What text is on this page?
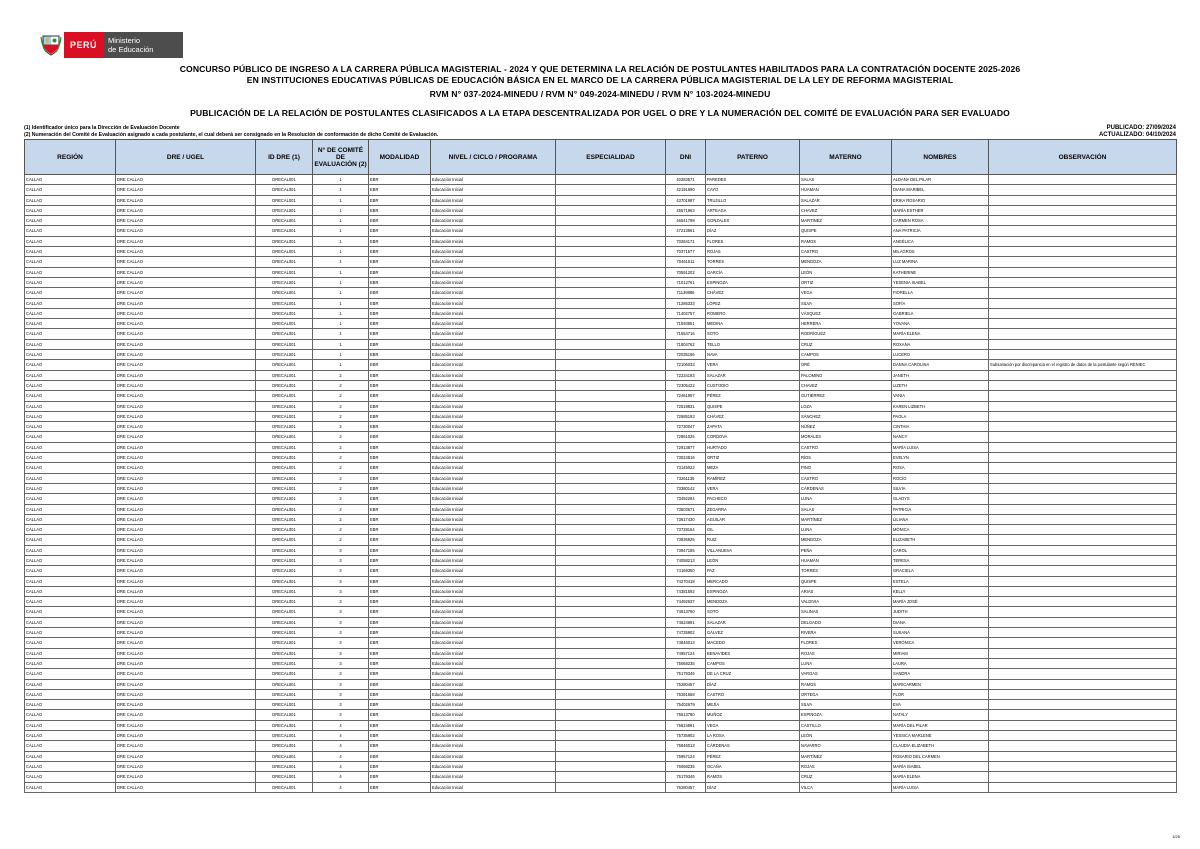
PERÚ	Ministerio
de Educación
CONCURSO PÚBLICO DE INGRESO A LA CARRERA PÚBLICA MAGISTERIAL - 2024 Y QUE DETERMINA LA RELACIÓN DE POSTULANTES HABILITADOS PARA LA CONTRATACIÓN DOCENTE 2025-2026
EN INSTITUCIONES EDUCATIVAS PÚBLICAS DE EDUCACIÓN BÁSICA EN EL MARCO DE LA CARRERA PÚBLICA MAGISTERIAL DE LA LEY DE REFORMA MAGISTERIAL
RVM N° 037-2024-MINEDU / RVM N° 049-2024-MINEDU / RVM N° 103-2024-MINEDU
PUBLICACIÓN DE LA RELACIÓN DE POSTULANTES CLASIFICADOS A LA ETAPA DESCENTRALIZADA POR UGEL O DRE Y LA NUMERACIÓN DEL COMITÉ DE EVALUACIÓN PARA SER EVALUADO
(1) Identificador único para la Dirección de Evaluación Docente
(2) Numeración del Comité de Evaluación asignado a cada postulante, el cual deberá ser consignado en la Resolución de conformación de dicho Comité de Evaluación.
PUBLICADO: 27/09/2024
ACTUALIZADO: 04/10/2024
REGIÓN	DRE / UGEL	ID DRE (1)	N° DE COMITÉ DE EVALUACIÓN (2)	MODALIDAD	NIVEL / CICLO / PROGRAMA	ESPECIALIDAD	DNI	PATERNO	MATERNO	NOMBRES	OBSERVACIÓN
CALLAO	DRE CALLAO	DRECAL001	1	EBR	Educación Inicial		40283571	PAREDES	SALAS	ALDANA DEL PILAR	
CALLAO	DRE CALLAO	DRECAL001	1	EBR	Educación Inicial		42191690	CAYO	HUAMAN	DIANA MARIBEL	
CALLAO	DRE CALLAO	DRECAL001	1	EBR	Educación Inicial		43701987	TRUJILLO	SALAZAR	ERIKA ROSARIO	
CALLAO	DRE CALLAO	DRECAL001	1	EBR	Educación Inicial		45571963	ARTEAGA	CHAVEZ	MARÍA ESTHER	
CALLAO	DRE CALLAO	DRECAL001	1	EBR	Educación Inicial		46541798	GONZALES	MARTINEZ	CARMEN ROSA	
CALLAO	DRE CALLAO	DRECAL001	1	EBR	Educación Inicial		47213861	DÍAZ	QUISPE	ANA PATRICIA	
CALLAO	DRE CALLAO	DRECAL001	1	EBR	Educación Inicial		70284171	FLORES	RAMOS	ANGÉLICA	
CALLAO	DRE CALLAO	DRECAL001	1	EBR	Educación Inicial		70371577	ROJAS	CASTRO	MILAGROS	
CALLAO	DRE CALLAO	DRECAL001	1	EBR	Educación Inicial		70461511	TORRES	MENDOZA	LUZ MARINA	
CALLAO	DRE CALLAO	DRECAL001	1	EBR	Educación Inicial		70591202	GARCÍA	LEÓN	KATHERINE	
CALLAO	DRE CALLAO	DRECAL001	1	EBR	Educación Inicial		71012761	ESPINOZA	ORTIZ	YESENIA ISABEL	
CALLAO	DRE CALLAO	DRECAL001	1	EBR	Educación Inicial		71138886	CHÁVEZ	VEGA	FIORELLA	
CALLAO	DRE CALLAO	DRECAL001	1	EBR	Educación Inicial		71286333	LÓPEZ	SILVA	SOFÍA	
CALLAO	DRE CALLAO	DRECAL001	1	EBR	Educación Inicial		71402757	ROMERO	VÁSQUEZ	GABRIELA	
CALLAO	DRE CALLAO	DRECAL001	1	EBR	Educación Inicial		71593851	MEDINA	HERRERA	YOVANA	
CALLAO	DRE CALLAO	DRECAL001	1	EBR	Educación Inicial		71654716	SOTO	RODRÍGUEZ	MARÍA ELENA	
CALLAO	DRE CALLAO	DRECAL001	1	EBR	Educación Inicial		71804762	TELLO	CRUZ	ROXANA	
CALLAO	DRE CALLAO	DRECAL001	1	EBR	Educación Inicial		72035196	NAVA	CAMPOS	LUCERO	
CALLAO	DRE CALLAO	DRECAL001	1	EBR	Educación Inicial		72106033	VERA	ORÉ	DANNA CAROLINA	Subsanación por discrepancia en el registro de datos de la postulante según RENIEC
CALLAO	DRE CALLAO	DRECAL001	2	EBR	Educación Inicial		72234193	SALAZAR	PALOMINO	JANETH	
CALLAO	DRE CALLAO	DRECAL001	2	EBR	Educación Inicial		72305422	CUSTODIO	CHAVEZ	LIZETH	
CALLAO	DRE CALLAO	DRECAL001	2	EBR	Educación Inicial		72461957	PÉREZ	GUTIÉRREZ	VANIA	
CALLAO	DRE CALLAO	DRECAL001	2	EBR	Educación Inicial		72519831	QUISPE	LOZA	KAREN LIZBETH	
CALLAO	DRE CALLAO	DRECAL001	2	EBR	Educación Inicial		72685193	CHÁVEZ	SÁNCHEZ	PAOLA	
CALLAO	DRE CALLAO	DRECAL001	2	EBR	Educación Inicial		72730047	ZAPATA	NÚÑEZ	CINTHIA	
CALLAO	DRE CALLAO	DRECAL001	2	EBR	Educación Inicial		72861025	CORDOVA	MORALES	NANCY	
CALLAO	DRE CALLAO	DRECAL001	2	EBR	Educación Inicial		72913877	HURTADO	CASTRO	MARÍA LUISA	
CALLAO	DRE CALLAO	DRECAL001	2	EBR	Educación Inicial		73024816	ORTIZ	RÍOS	EVELYN	
CALLAO	DRE CALLAO	DRECAL001	2	EBR	Educación Inicial		73145022	MEZA	PINO	ROSA	
CALLAO	DRE CALLAO	DRECAL001	2	EBR	Educación Inicial		73261135	RAMÍREZ	CASTRO	ROCÍO	
CALLAO	DRE CALLAO	DRECAL001	2	EBR	Educación Inicial		73380142	VERA	CÁRDENAS	SILVIA	
CALLAO	DRE CALLAO	DRECAL001	2	EBR	Educación Inicial		73492284	PACHECO	LUNA	GLADYS	
CALLAO	DRE CALLAO	DRECAL001	2	EBR	Educación Inicial		73503671	ZEGARRA	SALAS	PATRICIA	
CALLAO	DRE CALLAO	DRECAL001	2	EBR	Educación Inicial		73617430	AGUILAR	MARTÍNEZ	LILIANA	
CALLAO	DRE CALLAO	DRECAL001	2	EBR	Educación Inicial		73728164	GIL	LUNA	MÓNICA	
CALLAO	DRE CALLAO	DRECAL001	2	EBR	Educación Inicial		73836925	RUIZ	MENDOZA	ELIZABETH	
CALLAO	DRE CALLAO	DRECAL001	3	EBR	Educación Inicial		73947185	VILLANUEVA	PEÑA	CAROL	
CALLAO	DRE CALLAO	DRECAL001	3	EBR	Educación Inicial		74058213	LEÓN	HUAMÁN	TERESA	
CALLAO	DRE CALLAO	DRECAL001	3	EBR	Educación Inicial		74169350	PAZ	TORRES	GRACIELA	
CALLAO	DRE CALLAO	DRECAL001	3	EBR	Educación Inicial		74270418	MERCADO	QUISPE	ESTELA	
CALLAO	DRE CALLAO	DRECAL001	3	EBR	Educación Inicial		74381592	ESPINOZA	ARIAS	KELLY	
CALLAO	DRE CALLAO	DRECAL001	3	EBR	Educación Inicial		74492637	MENDOZA	VALDIVIA	MARÍA JOSÉ	
CALLAO	DRE CALLAO	DRECAL001	3	EBR	Educación Inicial		74513760	SOTO	SALINAS	JUDITH	
CALLAO	DRE CALLAO	DRECAL001	3	EBR	Educación Inicial		74624891	SALAZAR	DELGADO	DIANA	
CALLAO	DRE CALLAO	DRECAL001	3	EBR	Educación Inicial		74735902	GÁLVEZ	RIVERA	SUSANA	
CALLAO	DRE CALLAO	DRECAL001	3	EBR	Educación Inicial		74846013	MACEDO	FLORES	VERÓNICA	
CALLAO	DRE CALLAO	DRECAL001	3	EBR	Educación Inicial		74957124	BENAVIDES	ROJAS	MIRIAM	
CALLAO	DRE CALLAO	DRECAL001	3	EBR	Educación Inicial		75068235	CAMPOS	LUNA	LAURA	
CALLAO	DRE CALLAO	DRECAL001	3	EBR	Educación Inicial		75179346	DE LA CRUZ	VARGAS	SANDRA	
CALLAO	DRE CALLAO	DRECAL001	3	EBR	Educación Inicial		75280457	DÍAZ	RAMOS	MARICARMEN	
CALLAO	DRE CALLAO	DRECAL001	3	EBR	Educación Inicial		75391568	CASTRO	ORTEGA	FLOR	
CALLAO	DRE CALLAO	DRECAL001	3	EBR	Educación Inicial		75402679	MEJÍA	SILVA	EVA	
CALLAO	DRE CALLAO	DRECAL001	3	EBR	Educación Inicial		75513780	MUÑOZ	ESPINOZA	NATALY	
CALLAO	DRE CALLAO	DRECAL001	4	EBR	Educación Inicial		75624891	VEGA	CASTILLO	MARÍA DEL PILAR	
CALLAO	DRE CALLAO	DRECAL001	4	EBR	Educación Inicial		75735902	LA ROSA	LEÓN	YESSICA MARLENE	
CALLAO	DRE CALLAO	DRECAL001	4	EBR	Educación Inicial		75846013	CÁRDENAS	NAVARRO	CLAUDIA ELIZABETH	
CALLAO	DRE CALLAO	DRECAL001	4	EBR	Educación Inicial		75957124	PÉREZ	MARTÍNEZ	ROSARIO DEL CARMEN	
CALLAO	DRE CALLAO	DRECAL001	4	EBR	Educación Inicial		76068235	OCAÑA	ROJAS	MARÍA ISABEL	
CALLAO	DRE CALLAO	DRECAL001	4	EBR	Educación Inicial		76179346	RAMOS	CRUZ	MARÍA ELENA	
CALLAO	DRE CALLAO	DRECAL001	4	EBR	Educación Inicial		76280457	DÍAZ	VILCA	MARÍA LUISA	
1/25
